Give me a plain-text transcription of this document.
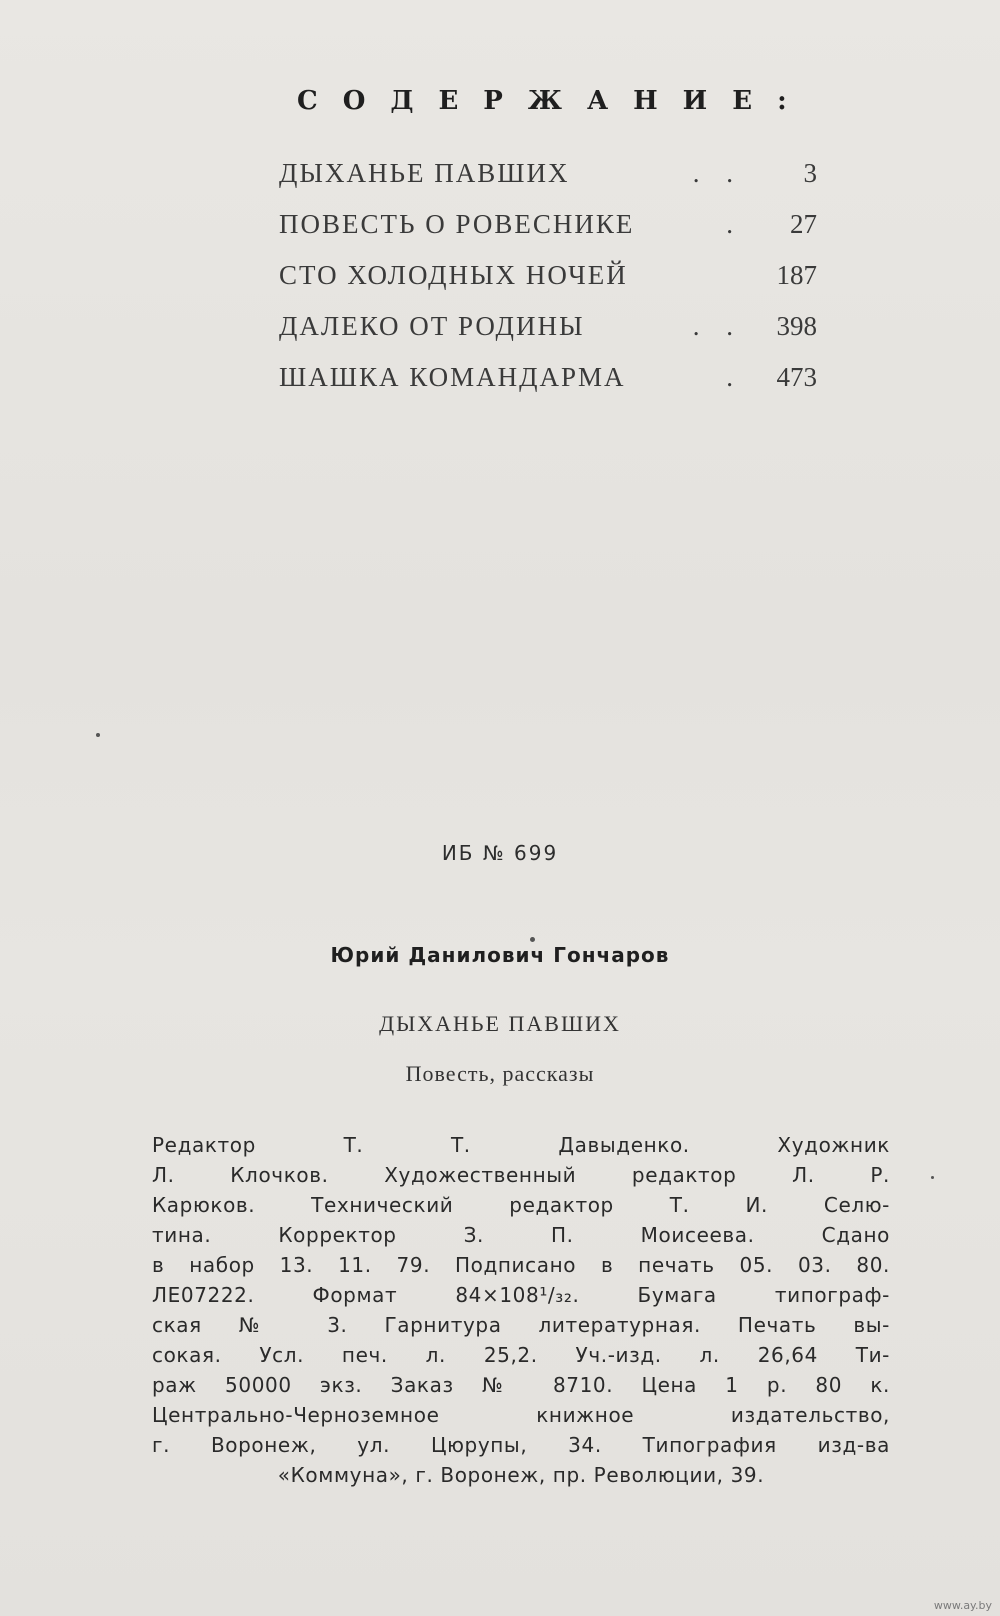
СОДЕРЖАНИЕ:
ДЫХАНЬЕ ПАВШИХ	. .	3
ПОВЕСТЬ О РОВЕСНИКЕ	.	27
СТО ХОЛОДНЫХ НОЧЕЙ	187
ДАЛЕКО ОТ РОДИНЫ	. .	398
ШАШКА КОМАНДАРМА	.	473
ИБ № 699
Юрий Данилович Гончаров
ДЫХАНЬЕ ПАВШИХ
Повесть, рассказы
Редактор Т. Т. Давыденко. Художник
Л. Клочков. Художественный редактор Л. Р.
Карюков. Технический редактор Т. И. Селю-
тина. Корректор З. П. Моисеева. Сдано
в набор 13. 11. 79. Подписано в печать 05. 03. 80.
ЛЕ07222. Формат 84×108¹/₃₂. Бумага типограф-
ская № 3. Гарнитура литературная. Печать вы-
сокая. Усл. печ. л. 25,2. Уч.-изд. л. 26,64 Ти-
раж 50000 экз. Заказ № 8710. Цена 1 р. 80 к.
Центрально-Черноземное книжное издательство,
г. Воронеж, ул. Цюрупы, 34. Типография изд-ва
«Коммуна», г. Воронеж, пр. Революции, 39.
www.ay.by
